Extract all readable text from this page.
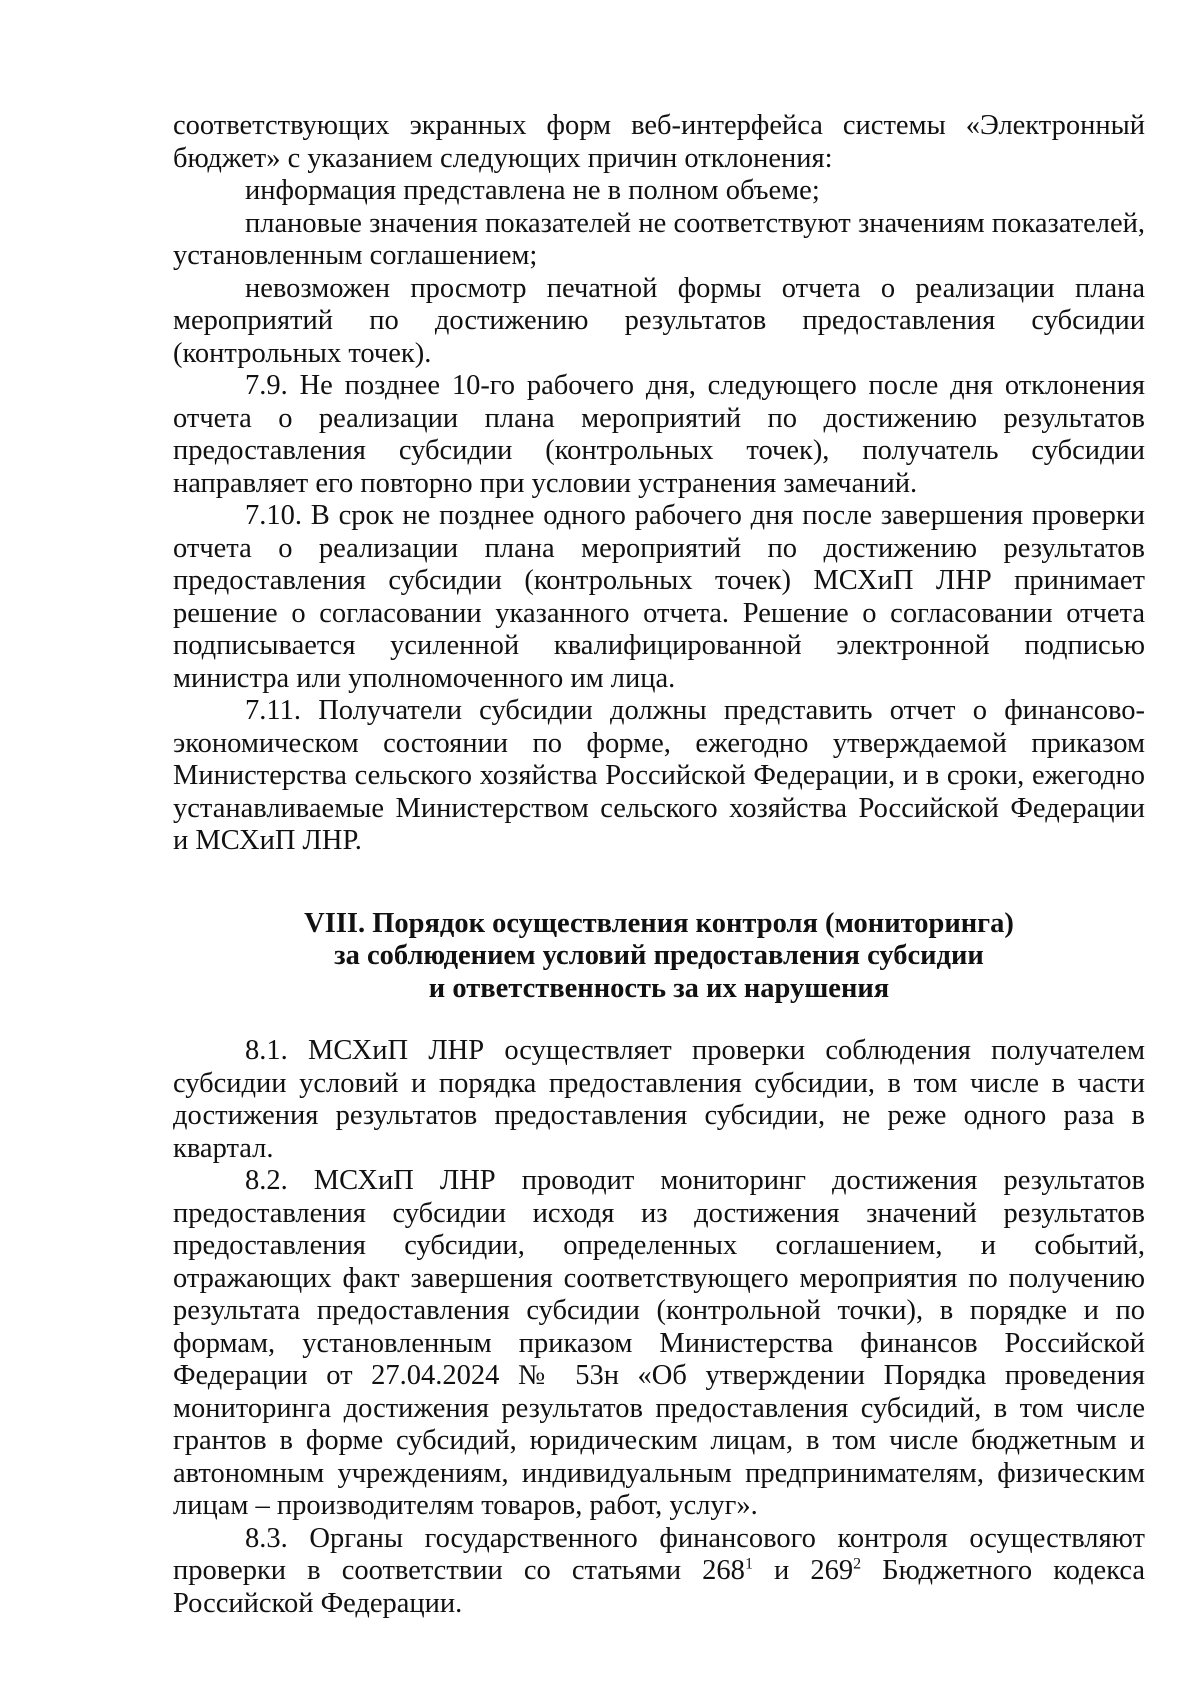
соответствующих экранных форм веб-интерфейса системы «Электронный бюджет» с указанием следующих причин отклонения:

информация представлена не в полном объеме;

плановые значения показателей не соответствуют значениям показателей, установленным соглашением;

невозможен просмотр печатной формы отчета о реализации плана мероприятий по достижению результатов предоставления субсидии (контрольных точек).

7.9. Не позднее 10-го рабочего дня, следующего после дня отклонения отчета о реализации плана мероприятий по достижению результатов предоставления субсидии (контрольных точек), получатель субсидии направляет его повторно при условии устранения замечаний.

7.10. В срок не позднее одного рабочего дня после завершения проверки отчета о реализации плана мероприятий по достижению результатов предоставления субсидии (контрольных точек) МСХиП ЛНР принимает решение о согласовании указанного отчета. Решение о согласовании отчета подписывается усиленной квалифицированной электронной подписью министра или уполномоченного им лица.

7.11. Получатели субсидии должны представить отчет о финансово-экономическом состоянии по форме, ежегодно утверждаемой приказом Министерства сельского хозяйства Российской Федерации, и в сроки, ежегодно устанавливаемые Министерством сельского хозяйства Российской Федерации и МСХиП ЛНР.

VIII. Порядок осуществления контроля (мониторинга)
за соблюдением условий предоставления субсидии
и ответственность за их нарушения

8.1. МСХиП ЛНР осуществляет проверки соблюдения получателем субсидии условий и порядка предоставления субсидии, в том числе в части достижения результатов предоставления субсидии, не реже одного раза в квартал.

8.2. МСХиП ЛНР проводит мониторинг достижения результатов предоставления субсидии исходя из достижения значений результатов предоставления субсидии, определенных соглашением, и событий, отражающих факт завершения соответствующего мероприятия по получению результата предоставления субсидии (контрольной точки), в порядке и по формам, установленным приказом Министерства финансов Российской Федерации от 27.04.2024 № 53н «Об утверждении Порядка проведения мониторинга достижения результатов предоставления субсидий, в том числе грантов в форме субсидий, юридическим лицам, в том числе бюджетным и автономным учреждениям, индивидуальным предпринимателям, физическим лицам – производителям товаров, работ, услуг».

8.3. Органы государственного финансового контроля осуществляют проверки в соответствии со статьями $268^1$ и $269^2$ Бюджетного кодекса Российской Федерации.
